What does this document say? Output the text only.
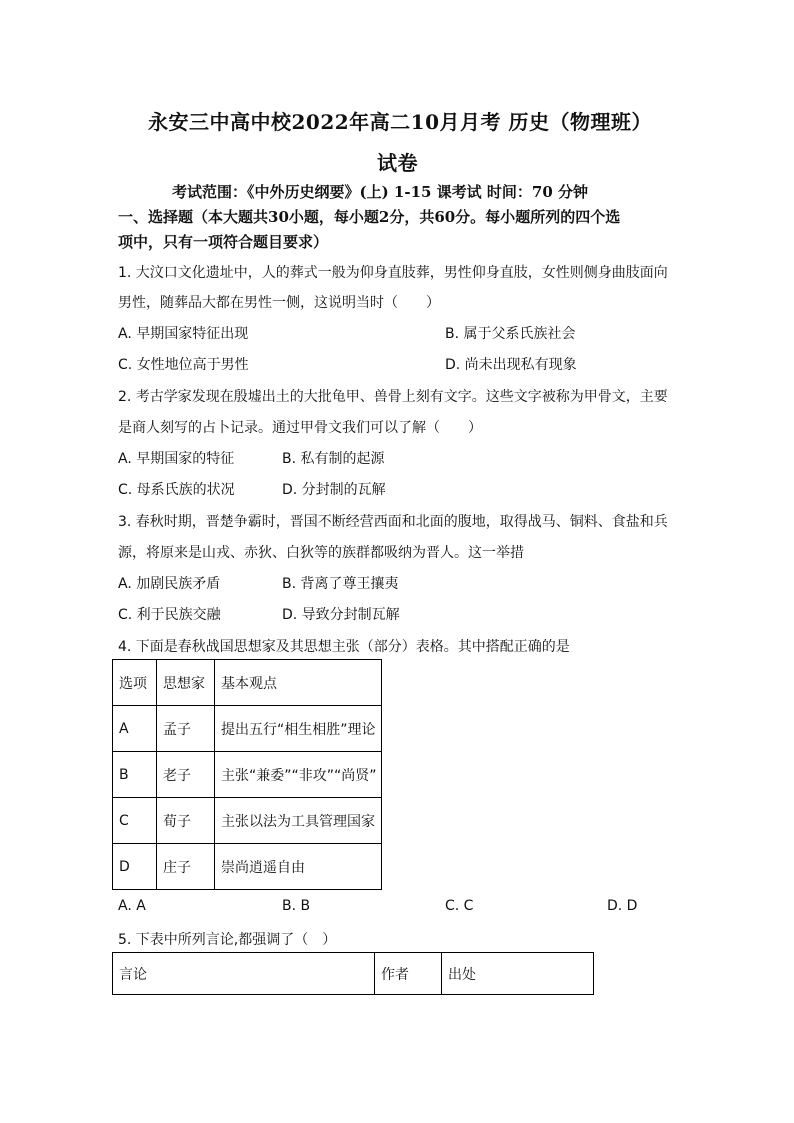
永安三中高中校2022年高二10月月考 历史（物理班）
试卷
考试范围：《中外历史纲要》(上) 1-15 课考试 时间：70 分钟
一、选择题（本大题共30小题，每小题2分，共60分。每小题所列的四个选
项中，只有一项符合题目要求）
1. 大汶口文化遗址中，人的葬式一般为仰身直肢葬，男性仰身直肢，女性则侧身曲肢面向
男性，随葬品大都在男性一侧，这说明当时（　　）
A. 早期国家特征出现	B. 属于父系氏族社会
C. 女性地位高于男性	D. 尚未出现私有现象
2. 考古学家发现在殷墟出土的大批龟甲、兽骨上刻有文字。这些文字被称为甲骨文，主要
是商人刻写的占卜记录。通过甲骨文我们可以了解（　　）
A. 早期国家的特征	B. 私有制的起源
C. 母系氏族的状况	D. 分封制的瓦解
3. 春秋时期，晋楚争霸时，晋国不断经营西面和北面的腹地，取得战马、铜料、食盐和兵
源，将原来是山戎、赤狄、白狄等的族群都吸纳为晋人。这一举措
A. 加剧民族矛盾	B. 背离了尊王攘夷
C. 利于民族交融	D. 导致分封制瓦解
4. 下面是春秋战国思想家及其思想主张（部分）表格。其中搭配正确的是
选项	思想家	基本观点
A	孟子	提出五行“相生相胜”理论
B	老子	主张“兼委”“非攻”“尚贤”
C	荀子	主张以法为工具管理国家
D	庄子	崇尚逍遥自由
A. A	B. B	C. C	D. D
5. 下表中所列言论,都强调了（　）
言论	作者	出处
